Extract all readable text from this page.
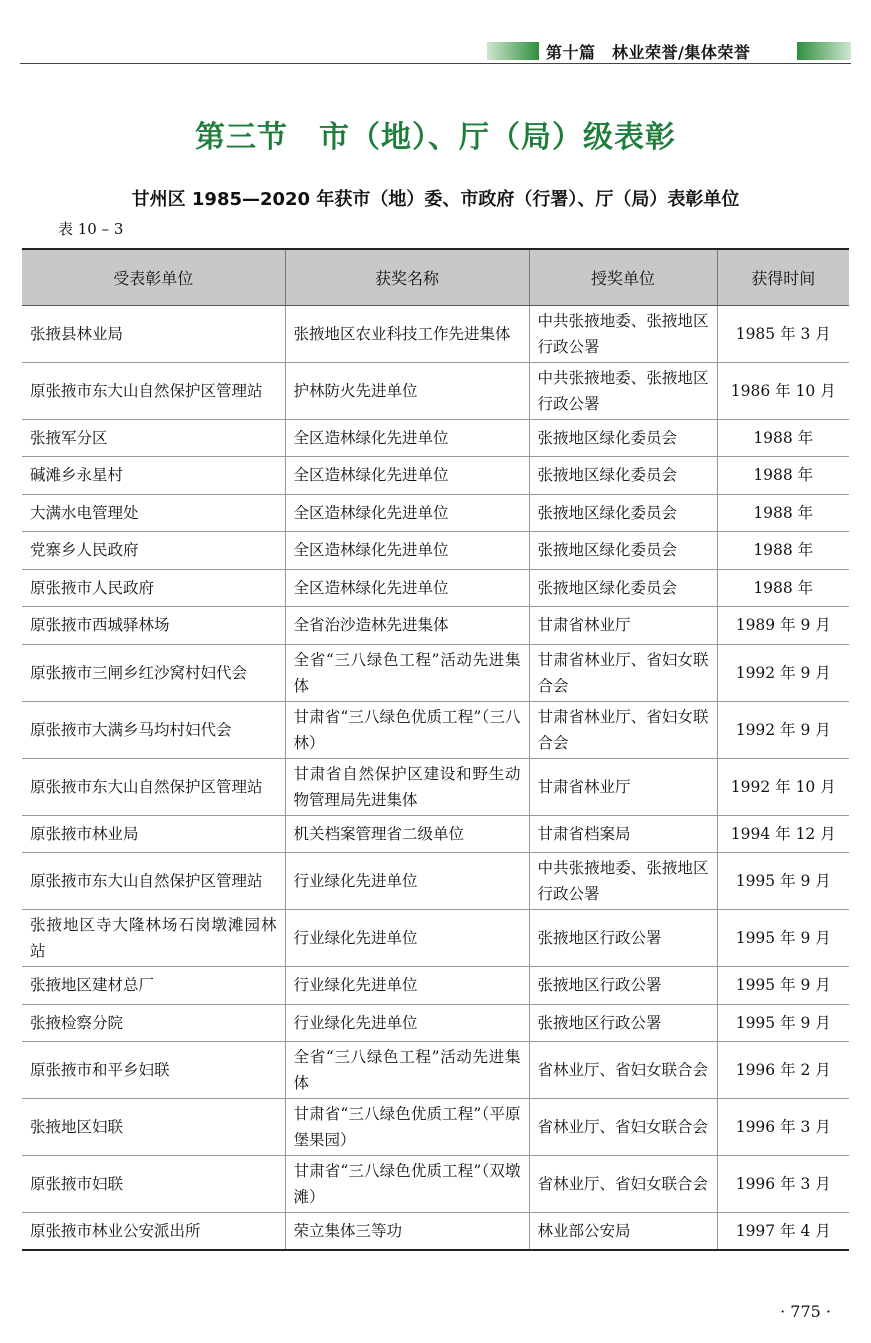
第十篇　林业荣誉/集体荣誉
第三节　市（地）、厅（局）级表彰
甘州区 1985—2020 年获市（地）委、市政府（行署）、厅（局）表彰单位
表 10 – 3
受表彰单位	获奖名称	授奖单位	获得时间
张掖县林业局	张掖地区农业科技工作先进集体	中共张掖地委、张掖地区行政公署	1985 年 3 月
原张掖市东大山自然保护区管理站	护林防火先进单位	中共张掖地委、张掖地区行政公署	1986 年 10 月
张掖军分区	全区造林绿化先进单位	张掖地区绿化委员会	1988 年
碱滩乡永星村	全区造林绿化先进单位	张掖地区绿化委员会	1988 年
大满水电管理处	全区造林绿化先进单位	张掖地区绿化委员会	1988 年
党寨乡人民政府	全区造林绿化先进单位	张掖地区绿化委员会	1988 年
原张掖市人民政府	全区造林绿化先进单位	张掖地区绿化委员会	1988 年
原张掖市西城驿林场	全省治沙造林先进集体	甘肃省林业厅	1989 年 9 月
原张掖市三闸乡红沙窝村妇代会	全省“三八绿色工程”活动先进集体	甘肃省林业厅、省妇女联合会	1992 年 9 月
原张掖市大满乡马均村妇代会	甘肃省“三八绿色优质工程”（三八林）	甘肃省林业厅、省妇女联合会	1992 年 9 月
原张掖市东大山自然保护区管理站	甘肃省自然保护区建设和野生动物管理局先进集体	甘肃省林业厅	1992 年 10 月
原张掖市林业局	机关档案管理省二级单位	甘肃省档案局	1994 年 12 月
原张掖市东大山自然保护区管理站	行业绿化先进单位	中共张掖地委、张掖地区行政公署	1995 年 9 月
张掖地区寺大隆林场石岗墩滩园林站	行业绿化先进单位	张掖地区行政公署	1995 年 9 月
张掖地区建材总厂	行业绿化先进单位	张掖地区行政公署	1995 年 9 月
张掖检察分院	行业绿化先进单位	张掖地区行政公署	1995 年 9 月
原张掖市和平乡妇联	全省“三八绿色工程”活动先进集体	省林业厅、省妇女联合会	1996 年 2 月
张掖地区妇联	甘肃省“三八绿色优质工程”（平原堡果园）	省林业厅、省妇女联合会	1996 年 3 月
原张掖市妇联	甘肃省“三八绿色优质工程”（双墩滩）	省林业厅、省妇女联合会	1996 年 3 月
原张掖市林业公安派出所	荣立集体三等功	林业部公安局	1997 年 4 月
· 775 ·
